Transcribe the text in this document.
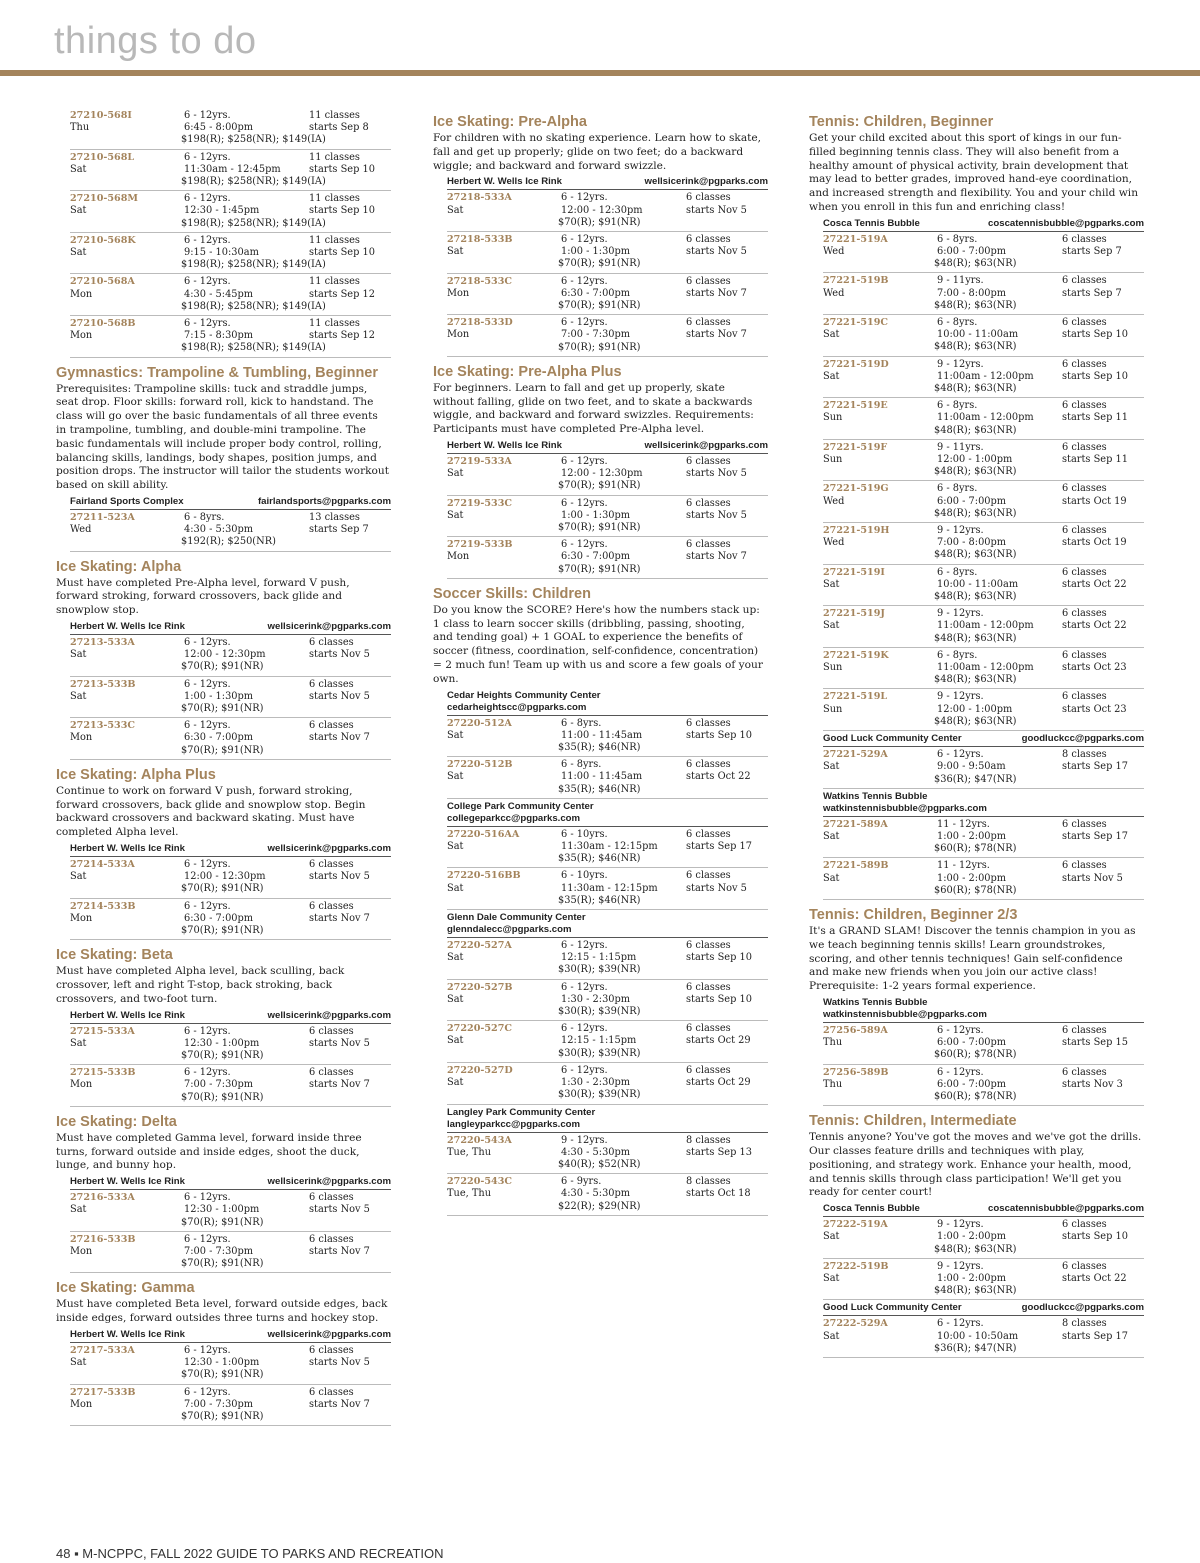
things to do
27210-568I	6 - 12yrs.	11 classes
Thu	6:45 - 8:00pm	starts Sep 8
$198(R); $258(NR); $149(IA)
27210-568L	6 - 12yrs.	11 classes
Sat	11:30am - 12:45pm	starts Sep 10
$198(R); $258(NR); $149(IA)
27210-568M	6 - 12yrs.	11 classes
Sat	12:30 - 1:45pm	starts Sep 10
$198(R); $258(NR); $149(IA)
27210-568K	6 - 12yrs.	11 classes
Sat	9:15 - 10:30am	starts Sep 10
$198(R); $258(NR); $149(IA)
27210-568A	6 - 12yrs.	11 classes
Mon	4:30 - 5:45pm	starts Sep 12
$198(R); $258(NR); $149(IA)
27210-568B	6 - 12yrs.	11 classes
Mon	7:15 - 8:30pm	starts Sep 12
$198(R); $258(NR); $149(IA)
Gymnastics: Trampoline & Tumbling, Beginner
Prerequisites: Trampoline skills: tuck and straddle jumps, seat drop. Floor skills: forward roll, kick to handstand. The class will go over the basic fundamentals of all three events in trampoline, tumbling, and double-mini trampoline. The basic fundamentals will include proper body control, rolling, balancing skills, landings, body shapes, position jumps, and position drops. The instructor will tailor the students workout based on skill ability.
Fairland Sports Complex	fairlandsports@pgparks.com
27211-523A	6 - 8yrs.	13 classes
Wed	4:30 - 5:30pm	starts Sep 7
$192(R); $250(NR)
Ice Skating: Alpha
Must have completed Pre-Alpha level, forward V push, forward stroking, forward crossovers, back glide and snowplow stop.
Herbert W. Wells Ice Rink	wellsicerink@pgparks.com
27213-533A	6 - 12yrs.	6 classes
Sat	12:00 - 12:30pm	starts Nov 5
$70(R); $91(NR)
27213-533B	6 - 12yrs.	6 classes
Sat	1:00 - 1:30pm	starts Nov 5
$70(R); $91(NR)
27213-533C	6 - 12yrs.	6 classes
Mon	6:30 - 7:00pm	starts Nov 7
$70(R); $91(NR)
Ice Skating: Alpha Plus
Continue to work on forward V push, forward stroking, forward crossovers, back glide and snowplow stop. Begin backward crossovers and backward skating. Must have completed Alpha level.
Herbert W. Wells Ice Rink	wellsicerink@pgparks.com
27214-533A	6 - 12yrs.	6 classes
Sat	12:00 - 12:30pm	starts Nov 5
$70(R); $91(NR)
27214-533B	6 - 12yrs.	6 classes
Mon	6:30 - 7:00pm	starts Nov 7
$70(R); $91(NR)
Ice Skating: Beta
Must have completed Alpha level, back sculling, back crossover, left and right T-stop, back stroking, back crossovers, and two-foot turn.
Herbert W. Wells Ice Rink	wellsicerink@pgparks.com
27215-533A	6 - 12yrs.	6 classes
Sat	12:30 - 1:00pm	starts Nov 5
$70(R); $91(NR)
27215-533B	6 - 12yrs.	6 classes
Mon	7:00 - 7:30pm	starts Nov 7
$70(R); $91(NR)
Ice Skating: Delta
Must have completed Gamma level, forward inside three turns, forward outside and inside edges, shoot the duck, lunge, and bunny hop.
Herbert W. Wells Ice Rink	wellsicerink@pgparks.com
27216-533A	6 - 12yrs.	6 classes
Sat	12:30 - 1:00pm	starts Nov 5
$70(R); $91(NR)
27216-533B	6 - 12yrs.	6 classes
Mon	7:00 - 7:30pm	starts Nov 7
$70(R); $91(NR)
Ice Skating: Gamma
Must have completed Beta level, forward outside edges, back inside edges, forward outsides three turns and hockey stop.
Herbert W. Wells Ice Rink	wellsicerink@pgparks.com
27217-533A	6 - 12yrs.	6 classes
Sat	12:30 - 1:00pm	starts Nov 5
$70(R); $91(NR)
27217-533B	6 - 12yrs.	6 classes
Mon	7:00 - 7:30pm	starts Nov 7
$70(R); $91(NR)
Ice Skating: Pre-Alpha
For children with no skating experience. Learn how to skate, fall and get up properly; glide on two feet; do a backward wiggle; and backward and forward swizzle.
Herbert W. Wells Ice Rink	wellsicerink@pgparks.com
27218-533A	6 - 12yrs.	6 classes
Sat	12:00 - 12:30pm	starts Nov 5
$70(R); $91(NR)
27218-533B	6 - 12yrs.	6 classes
Sat	1:00 - 1:30pm	starts Nov 5
$70(R); $91(NR)
27218-533C	6 - 12yrs.	6 classes
Mon	6:30 - 7:00pm	starts Nov 7
$70(R); $91(NR)
27218-533D	6 - 12yrs.	6 classes
Mon	7:00 - 7:30pm	starts Nov 7
$70(R); $91(NR)
Ice Skating: Pre-Alpha Plus
For beginners. Learn to fall and get up properly, skate without falling, glide on two feet, and to skate a backwards wiggle, and backward and forward swizzles. Requirements: Participants must have completed Pre-Alpha level.
Herbert W. Wells Ice Rink	wellsicerink@pgparks.com
27219-533A	6 - 12yrs.	6 classes
Sat	12:00 - 12:30pm	starts Nov 5
$70(R); $91(NR)
27219-533C	6 - 12yrs.	6 classes
Sat	1:00 - 1:30pm	starts Nov 5
$70(R); $91(NR)
27219-533B	6 - 12yrs.	6 classes
Mon	6:30 - 7:00pm	starts Nov 7
$70(R); $91(NR)
Soccer Skills: Children
Do you know the SCORE? Here's how the numbers stack up: 1 class to learn soccer skills (dribbling, passing, shooting, and tending goal) + 1 GOAL to experience the benefits of soccer (fitness, coordination, self-confidence, concentration) = 2 much fun! Team up with us and score a few goals of your own.
Cedar Heights Community Center
cedarheightscc@pgparks.com
27220-512A	6 - 8yrs.	6 classes
Sat	11:00 - 11:45am	starts Sep 10
$35(R); $46(NR)
27220-512B	6 - 8yrs.	6 classes
Sat	11:00 - 11:45am	starts Oct 22
$35(R); $46(NR)
College Park Community Center
collegeparkcc@pgparks.com
27220-516AA	6 - 10yrs.	6 classes
Sat	11:30am - 12:15pm	starts Sep 17
$35(R); $46(NR)
27220-516BB	6 - 10yrs.	6 classes
Sat	11:30am - 12:15pm	starts Nov 5
$35(R); $46(NR)
Glenn Dale Community Center
glenndalecc@pgparks.com
27220-527A	6 - 12yrs.	6 classes
Sat	12:15 - 1:15pm	starts Sep 10
$30(R); $39(NR)
27220-527B	6 - 12yrs.	6 classes
Sat	1:30 - 2:30pm	starts Sep 10
$30(R); $39(NR)
27220-527C	6 - 12yrs.	6 classes
Sat	12:15 - 1:15pm	starts Oct 29
$30(R); $39(NR)
27220-527D	6 - 12yrs.	6 classes
Sat	1:30 - 2:30pm	starts Oct 29
$30(R); $39(NR)
Langley Park Community Center
langleyparkcc@pgparks.com
27220-543A	9 - 12yrs.	8 classes
Tue, Thu	4:30 - 5:30pm	starts Sep 13
$40(R); $52(NR)
27220-543C	6 - 9yrs.	8 classes
Tue, Thu	4:30 - 5:30pm	starts Oct 18
$22(R); $29(NR)
Tennis: Children, Beginner
Get your child excited about this sport of kings in our fun-filled beginning tennis class. They will also benefit from a healthy amount of physical activity, brain development that may lead to better grades, improved hand-eye coordination, and increased strength and flexibility. You and your child win when you enroll in this fun and enriching class!
Cosca Tennis Bubble	coscatennisbubble@pgparks.com
27221-519A	6 - 8yrs.	6 classes
Wed	6:00 - 7:00pm	starts Sep 7
$48(R); $63(NR)
27221-519B	9 - 11yrs.	6 classes
Wed	7:00 - 8:00pm	starts Sep 7
$48(R); $63(NR)
27221-519C	6 - 8yrs.	6 classes
Sat	10:00 - 11:00am	starts Sep 10
$48(R); $63(NR)
27221-519D	9 - 12yrs.	6 classes
Sat	11:00am - 12:00pm	starts Sep 10
$48(R); $63(NR)
27221-519E	6 - 8yrs.	6 classes
Sun	11:00am - 12:00pm	starts Sep 11
$48(R); $63(NR)
27221-519F	9 - 11yrs.	6 classes
Sun	12:00 - 1:00pm	starts Sep 11
$48(R); $63(NR)
27221-519G	6 - 8yrs.	6 classes
Wed	6:00 - 7:00pm	starts Oct 19
$48(R); $63(NR)
27221-519H	9 - 12yrs.	6 classes
Wed	7:00 - 8:00pm	starts Oct 19
$48(R); $63(NR)
27221-519I	6 - 8yrs.	6 classes
Sat	10:00 - 11:00am	starts Oct 22
$48(R); $63(NR)
27221-519J	9 - 12yrs.	6 classes
Sat	11:00am - 12:00pm	starts Oct 22
$48(R); $63(NR)
27221-519K	6 - 8yrs.	6 classes
Sun	11:00am - 12:00pm	starts Oct 23
$48(R); $63(NR)
27221-519L	9 - 12yrs.	6 classes
Sun	12:00 - 1:00pm	starts Oct 23
$48(R); $63(NR)
Good Luck Community Center	goodluckcc@pgparks.com
27221-529A	6 - 12yrs.	8 classes
Sat	9:00 - 9:50am	starts Sep 17
$36(R); $47(NR)
Watkins Tennis Bubble
watkinstennisbubble@pgparks.com
27221-589A	11 - 12yrs.	6 classes
Sat	1:00 - 2:00pm	starts Sep 17
$60(R); $78(NR)
27221-589B	11 - 12yrs.	6 classes
Sat	1:00 - 2:00pm	starts Nov 5
$60(R); $78(NR)
Tennis: Children, Beginner 2/3
It's a GRAND SLAM! Discover the tennis champion in you as we teach beginning tennis skills! Learn groundstrokes, scoring, and other tennis techniques! Gain self-confidence and make new friends when you join our active class! Prerequisite: 1-2 years formal experience.
Watkins Tennis Bubble
watkinstennisbubble@pgparks.com
27256-589A	6 - 12yrs.	6 classes
Thu	6:00 - 7:00pm	starts Sep 15
$60(R); $78(NR)
27256-589B	6 - 12yrs.	6 classes
Thu	6:00 - 7:00pm	starts Nov 3
$60(R); $78(NR)
Tennis: Children, Intermediate
Tennis anyone? You've got the moves and we've got the drills. Our classes feature drills and techniques with play, positioning, and strategy work. Enhance your health, mood, and tennis skills through class participation! We'll get you ready for center court!
Cosca Tennis Bubble	coscatennisbubble@pgparks.com
27222-519A	9 - 12yrs.	6 classes
Sat	1:00 - 2:00pm	starts Sep 10
$48(R); $63(NR)
27222-519B	9 - 12yrs.	6 classes
Sat	1:00 - 2:00pm	starts Oct 22
$48(R); $63(NR)
Good Luck Community Center	goodluckcc@pgparks.com
27222-529A	6 - 12yrs.	8 classes
Sat	10:00 - 10:50am	starts Sep 17
$36(R); $47(NR)
48 ▪ M-NCPPC, FALL 2022 GUIDE TO PARKS AND RECREATION
